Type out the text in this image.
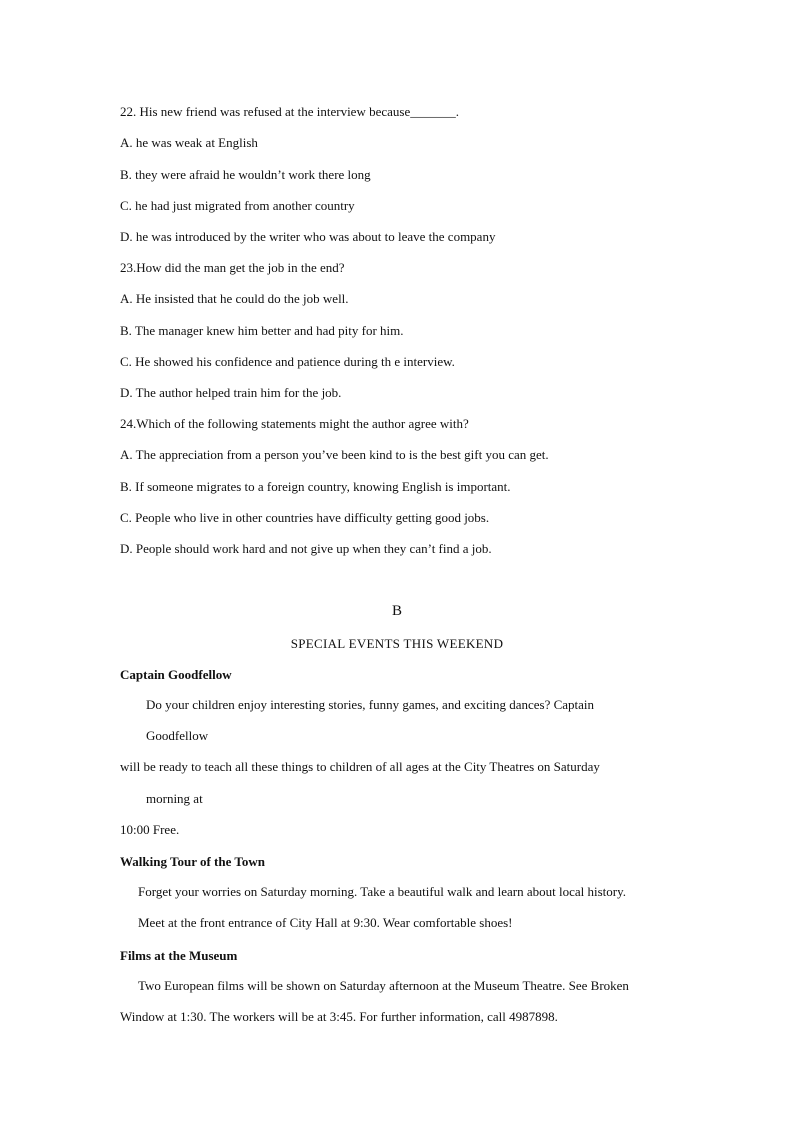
22. His new friend was refused at the interview because_______.
A. he was weak at English
B. they were afraid he wouldn’t work there long
C. he had just migrated from another country
D. he was introduced by the writer who was about to leave the company
23.How did the man get the job in the end?
A. He insisted that he could do the job well.
B. The manager knew him better and had pity for him.
C. He showed his confidence and patience during th e interview.
D. The author helped train him for the job.
24.Which of the following statements might the author agree with?
A. The appreciation from a person you’ve been kind to is the best gift you can get.
B. If someone migrates to a foreign country, knowing English is important.
C. People who live in other countries have difficulty getting good jobs.
D. People should work hard and not give up when they can’t find a job.
B
SPECIAL EVENTS THIS WEEKEND
Captain Goodfellow
Do your children enjoy interesting stories, funny games, and exciting dances? Captain
Goodfellow
will be ready to teach all these things to children of all ages at the City Theatres on Saturday
morning at
10:00 Free.
Walking Tour of the Town
Forget your worries on Saturday morning. Take a beautiful walk and learn about local history.
Meet at the front entrance of City Hall at 9:30. Wear comfortable shoes!
Films at the Museum
Two European films will be shown on Saturday afternoon at the Museum Theatre. See Broken
Window at 1:30. The workers will be at 3:45. For further information, call 4987898.
